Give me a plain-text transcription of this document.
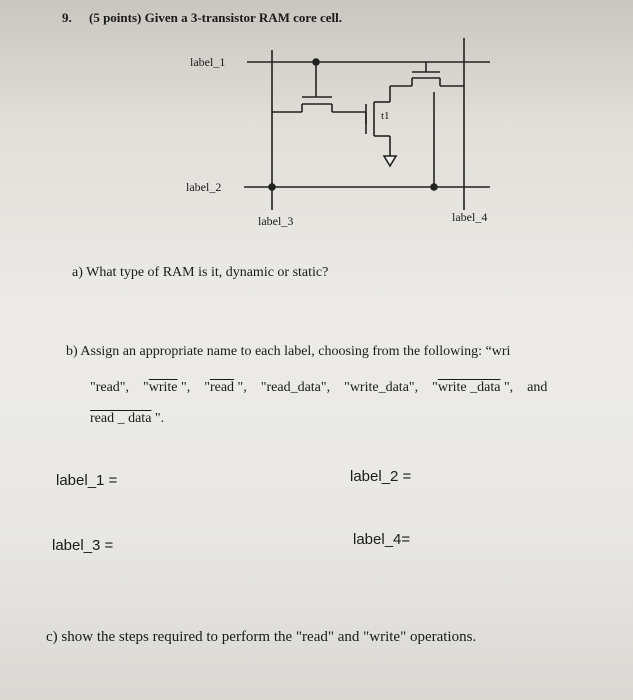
9. (5 points) Given a 3-transistor RAM core cell.
label_1
label_2
label_3	label_4
t1
a) What type of RAM is it, dynamic or static?
b) Assign an appropriate name to each label, choosing from the following: “wri
"read", "write ", "read ", "read_data", "write_data", "write _data ", and
read _ data ".
label_1 =	label_2 =
label_3 =	label_4=
c) show the steps required to perform the "read" and "write" operations.
